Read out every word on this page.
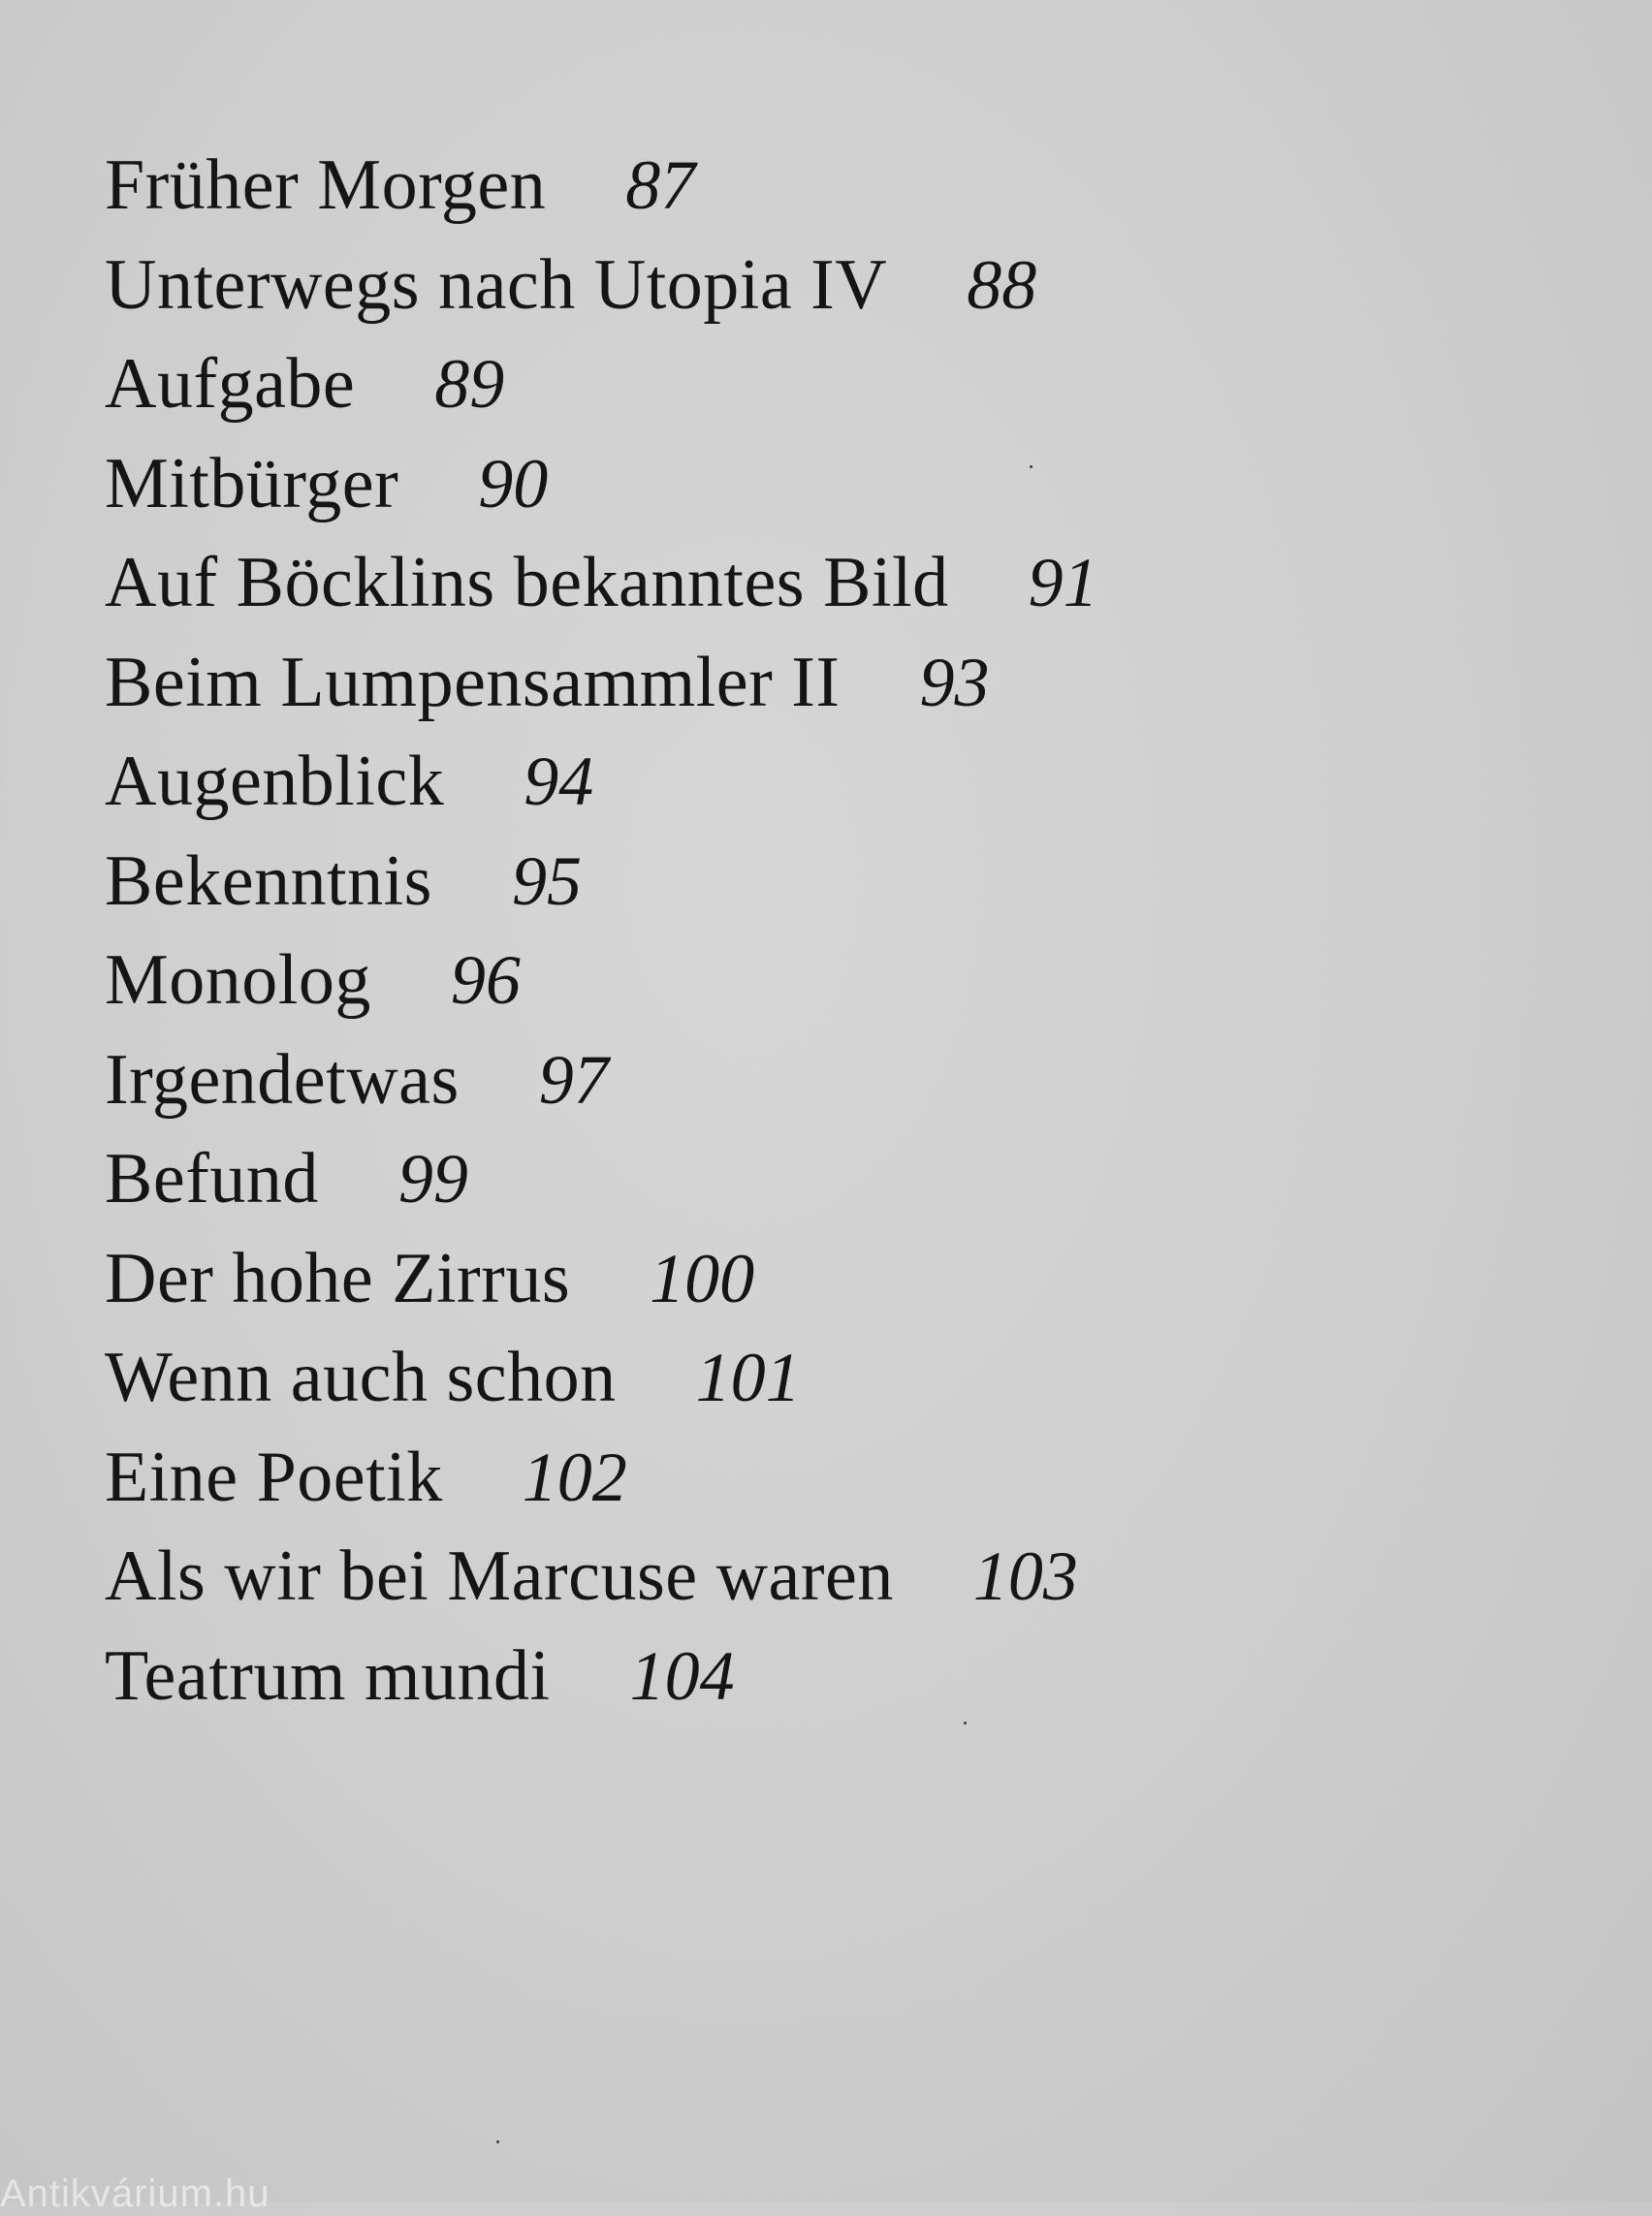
Früher Morgen 87
Unterwegs nach Utopia IV 88
Aufgabe 89
Mitbürger 90
Auf Böcklins bekanntes Bild 91
Beim Lumpensammler II 93
Augenblick 94
Bekenntnis 95
Monolog 96
Irgendetwas 97
Befund 99
Der hohe Zirrus 100
Wenn auch schon 101
Eine Poetik 102
Als wir bei Marcuse waren 103
Teatrum mundi 104
Antikvárium.hu
